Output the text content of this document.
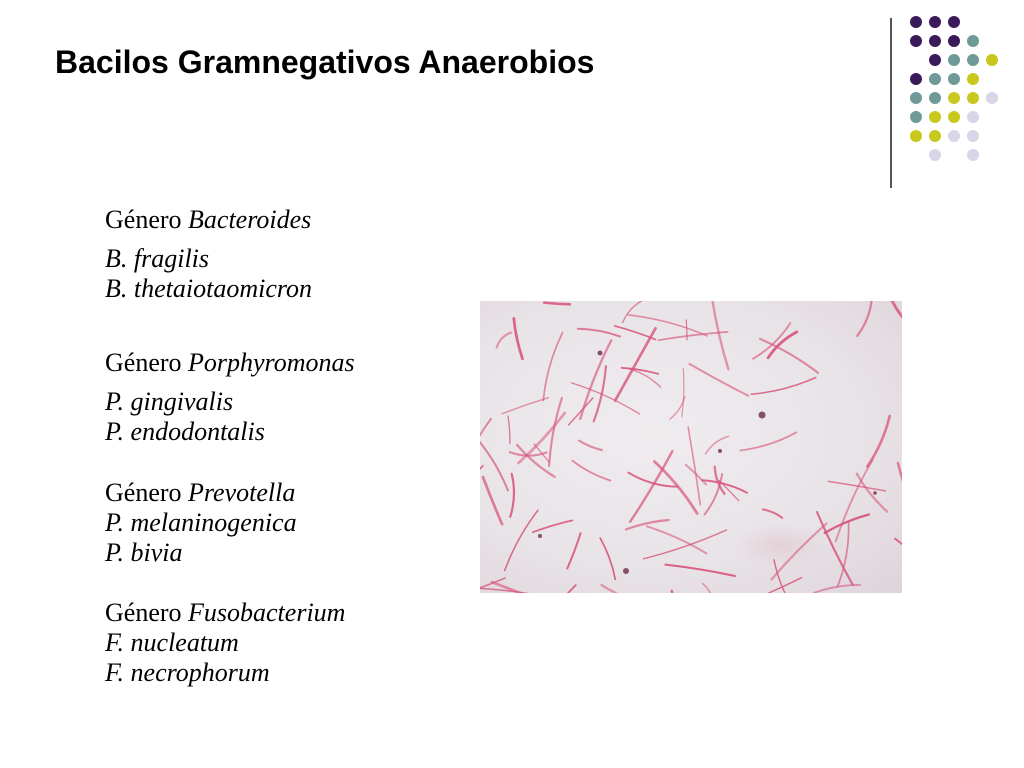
Bacilos Gramnegativos Anaerobios
Género Bacteroides
B. fragilis
B. thetaiotaomicron
Género Porphyromonas
P. gingivalis
P. endodontalis
Género Prevotella
P. melaninogenica
P. bivia
Género Fusobacterium
F. nucleatum
F. necrophorum
